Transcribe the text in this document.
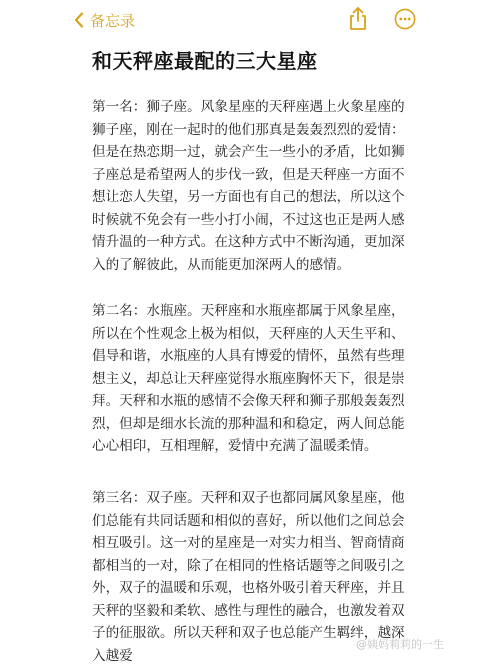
备忘录
和天秤座最配的三大星座

第一名：狮子座。风象星座的天秤座遇上火象星座的狮子座，刚在一起时的他们那真是轰轰烈烈的爱情：但是在热恋期一过，就会产生一些小的矛盾，比如狮子座总是希望两人的步伐一致，但是天秤座一方面不想让恋人失望，另一方面也有自己的想法，所以这个时候就不免会有一些小打小闹，不过这也正是两人感情升温的一种方式。在这种方式中不断沟通，更加深入的了解彼此，从而能更加深两人的感情。

第二名：水瓶座。天秤座和水瓶座都属于风象星座，所以在个性观念上极为相似，天秤座的人天生平和、倡导和谐，水瓶座的人具有博爱的情怀，虽然有些理想主义，却总让天秤座觉得水瓶座胸怀天下，很是崇拜。天秤和水瓶的感情不会像天秤和狮子那般轰轰烈烈，但却是细水长流的那种温和和稳定，两人间总能心心相印，互相理解，爱情中充满了温暖柔情。

第三名：双子座。天秤和双子也都同属风象星座，他们总能有共同话题和相似的喜好，所以他们之间总会相互吸引。这一对的星座是一对实力相当、智商情商都相当的一对，除了在相同的性格话题等之间吸引之外，双子的温暖和乐观，也格外吸引着天秤座，并且天秤的坚毅和柔软、感性与理性的融合，也激发着双子的征服欲。所以天秤和双子也总能产生羁绊，越深入越爱

@姨妈莉莉的一生
